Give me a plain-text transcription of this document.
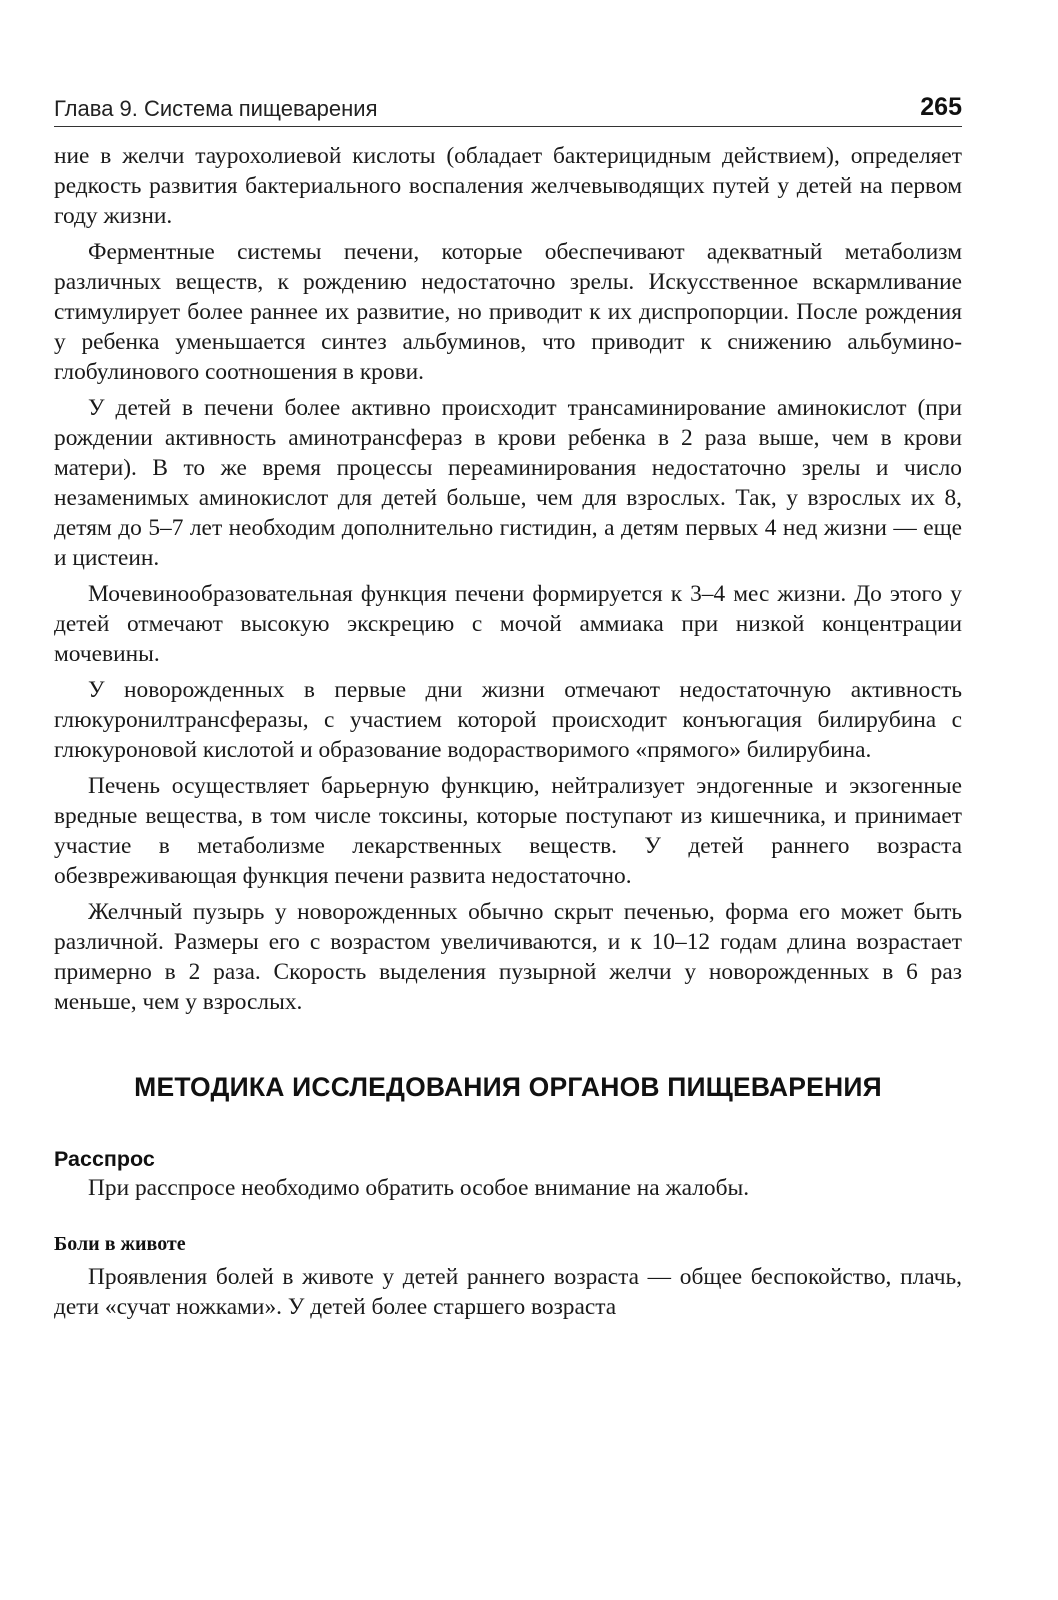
Глава 9. Система пищеварения	265

ние в желчи таурохолиевой кислоты (обладает бактерицидным действием), определяет редкость развития бактериального воспаления желчевыводящих путей у детей на первом году жизни.

Ферментные системы печени, которые обеспечивают адекватный метаболизм различных веществ, к рождению недостаточно зрелы. Искусственное вскармливание стимулирует более раннее их развитие, но приводит к их диспропорции. После рождения у ребенка уменьшается синтез альбуминов, что приводит к снижению альбумино-глобулинового соотношения в крови.

У детей в печени более активно происходит трансаминирование аминокислот (при рождении активность аминотрансфераз в крови ребенка в 2 раза выше, чем в крови матери). В то же время процессы переаминирования недостаточно зрелы и число незаменимых аминокислот для детей больше, чем для взрослых. Так, у взрослых их 8, детям до 5–7 лет необходим дополнительно гистидин, а детям первых 4 нед жизни — еще и цистеин.

Мочевинообразовательная функция печени формируется к 3–4 мес жизни. До этого у детей отмечают высокую экскрецию с мочой аммиака при низкой концентрации мочевины.

У новорожденных в первые дни жизни отмечают недостаточную активность глюкуронилтрансферазы, с участием которой происходит конъюгация билирубина с глюкуроновой кислотой и образование водорастворимого «прямого» билирубина.

Печень осуществляет барьерную функцию, нейтрализует эндогенные и экзогенные вредные вещества, в том числе токсины, которые поступают из кишечника, и принимает участие в метаболизме лекарственных веществ. У детей раннего возраста обезвреживающая функция печени развита недостаточно.

Желчный пузырь у новорожденных обычно скрыт печенью, форма его может быть различной. Размеры его с возрастом увеличиваются, и к 10–12 годам длина возрастает примерно в 2 раза. Скорость выделения пузырной желчи у новорожденных в 6 раз меньше, чем у взрослых.

МЕТОДИКА ИССЛЕДОВАНИЯ ОРГАНОВ ПИЩЕВАРЕНИЯ
Расспрос

При расспросе необходимо обратить особое внимание на жалобы.

Боли в животе

Проявления болей в животе у детей раннего возраста — общее беспокойство, плачь, дети «сучат ножками». У детей более старшего возраста
